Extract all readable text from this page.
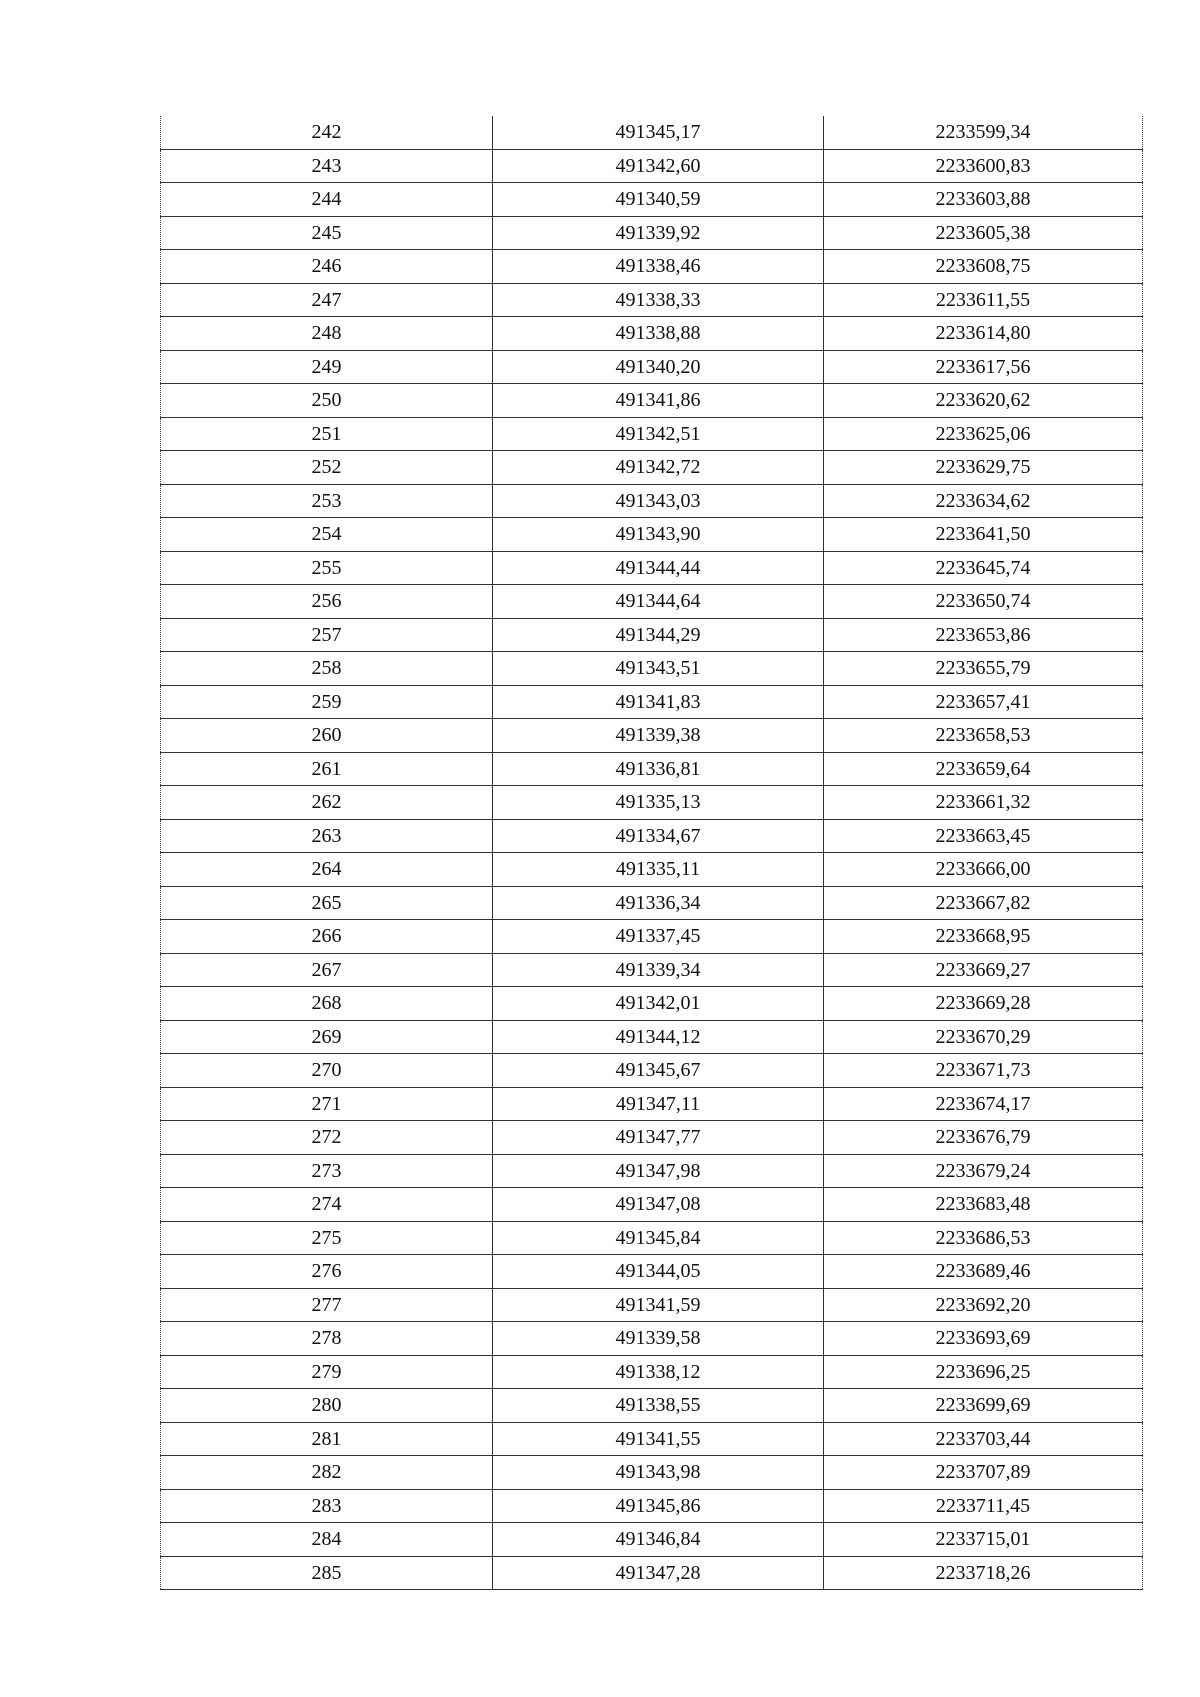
242	491345,17	2233599,34
243	491342,60	2233600,83
244	491340,59	2233603,88
245	491339,92	2233605,38
246	491338,46	2233608,75
247	491338,33	2233611,55
248	491338,88	2233614,80
249	491340,20	2233617,56
250	491341,86	2233620,62
251	491342,51	2233625,06
252	491342,72	2233629,75
253	491343,03	2233634,62
254	491343,90	2233641,50
255	491344,44	2233645,74
256	491344,64	2233650,74
257	491344,29	2233653,86
258	491343,51	2233655,79
259	491341,83	2233657,41
260	491339,38	2233658,53
261	491336,81	2233659,64
262	491335,13	2233661,32
263	491334,67	2233663,45
264	491335,11	2233666,00
265	491336,34	2233667,82
266	491337,45	2233668,95
267	491339,34	2233669,27
268	491342,01	2233669,28
269	491344,12	2233670,29
270	491345,67	2233671,73
271	491347,11	2233674,17
272	491347,77	2233676,79
273	491347,98	2233679,24
274	491347,08	2233683,48
275	491345,84	2233686,53
276	491344,05	2233689,46
277	491341,59	2233692,20
278	491339,58	2233693,69
279	491338,12	2233696,25
280	491338,55	2233699,69
281	491341,55	2233703,44
282	491343,98	2233707,89
283	491345,86	2233711,45
284	491346,84	2233715,01
285	491347,28	2233718,26
